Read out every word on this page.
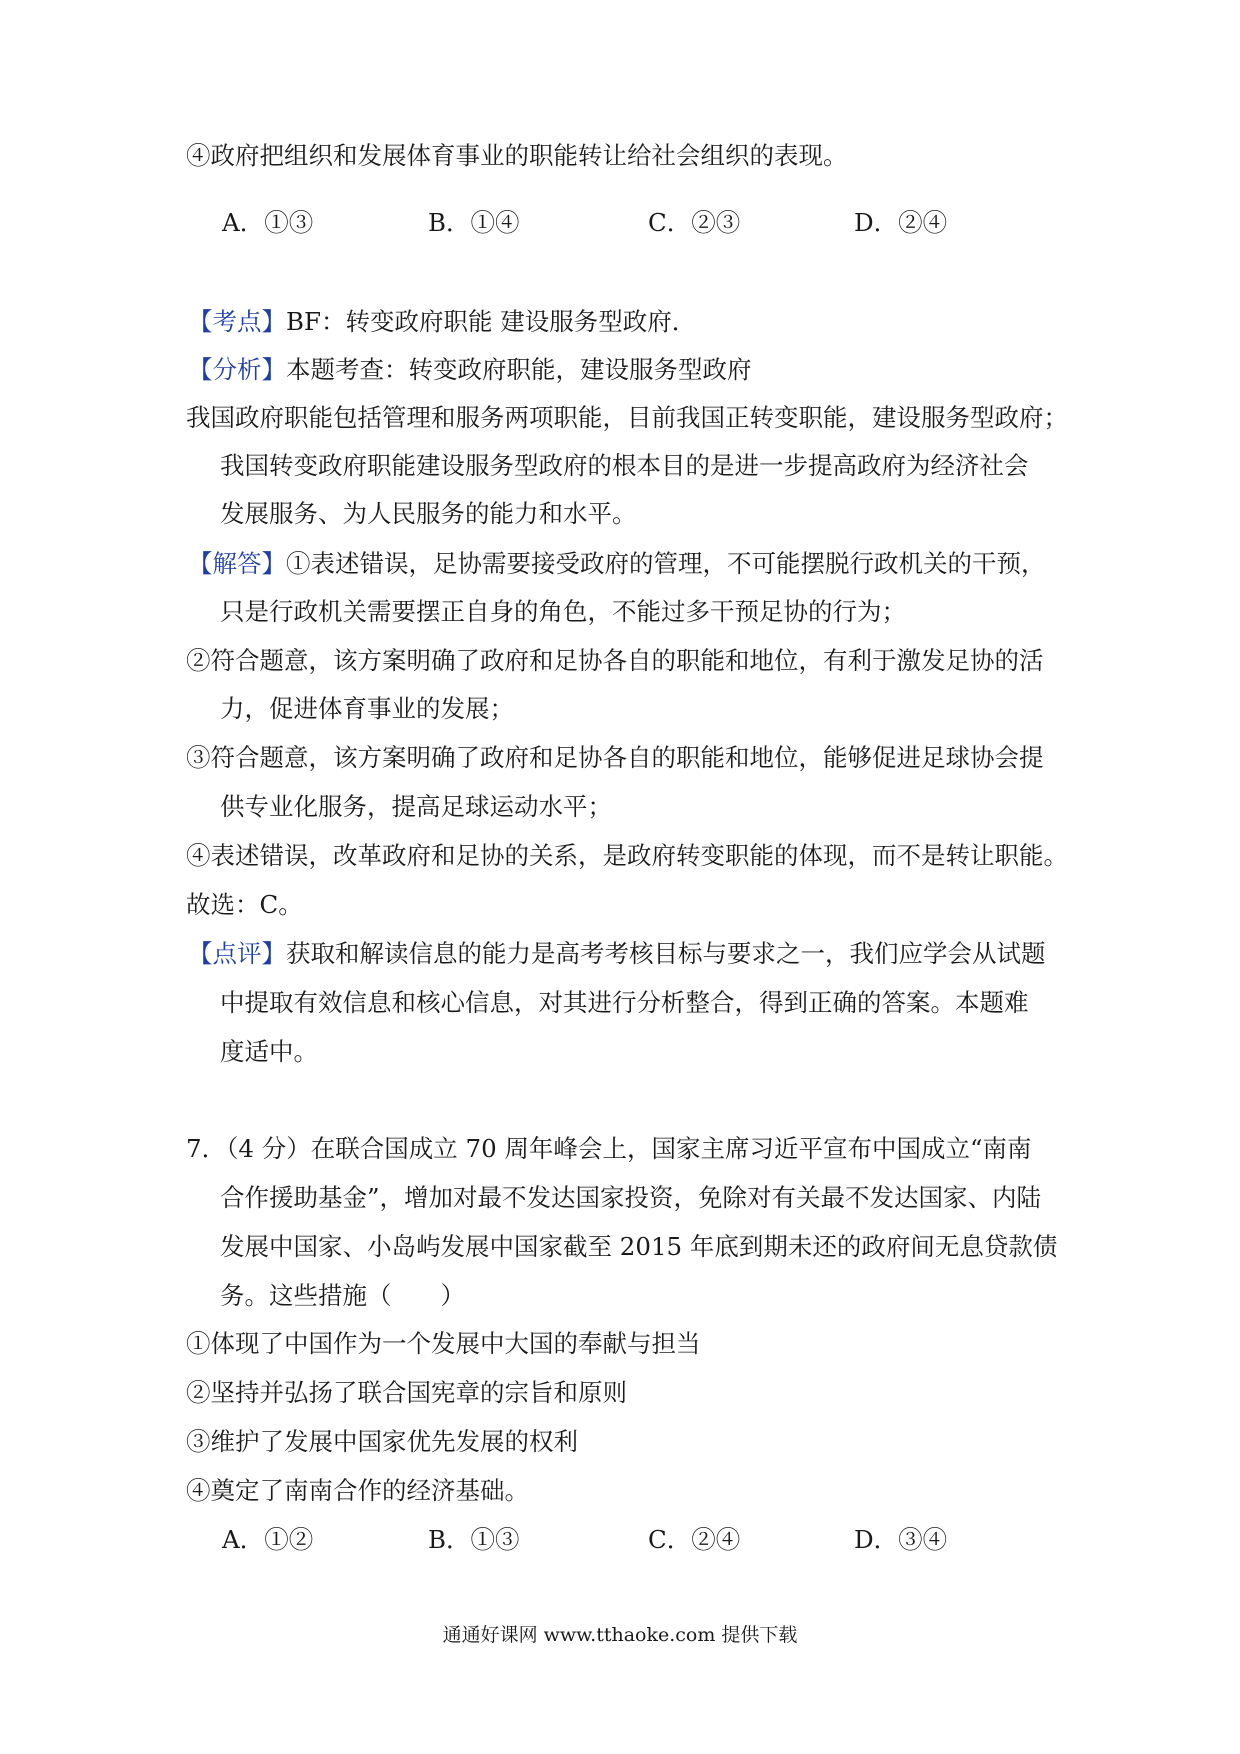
④政府把组织和发展体育事业的职能转让给社会组织的表现。
A．①③	B．①④	C．②③	D．②④
【考点】BF：转变政府职能 建设服务型政府．
【分析】本题考查：转变政府职能，建设服务型政府
我国政府职能包括管理和服务两项职能，目前我国正转变职能，建设服务型政府；
我国转变政府职能建设服务型政府的根本目的是进一步提高政府为经济社会
发展服务、为人民服务的能力和水平。
【解答】①表述错误，足协需要接受政府的管理，不可能摆脱行政机关的干预，
只是行政机关需要摆正自身的角色，不能过多干预足协的行为；
②符合题意，该方案明确了政府和足协各自的职能和地位，有利于激发足协的活
力，促进体育事业的发展；
③符合题意，该方案明确了政府和足协各自的职能和地位，能够促进足球协会提
供专业化服务，提高足球运动水平；
④表述错误，改革政府和足协的关系，是政府转变职能的体现，而不是转让职能。
故选：C。
【点评】获取和解读信息的能力是高考考核目标与要求之一，我们应学会从试题
中提取有效信息和核心信息，对其进行分析整合，得到正确的答案。本题难
度适中。
7．（4 分）在联合国成立 70 周年峰会上，国家主席习近平宣布中国成立“南南
合作援助基金”，增加对最不发达国家投资，免除对有关最不发达国家、内陆
发展中国家、小岛屿发展中国家截至 2015 年底到期未还的政府间无息贷款债
务。这些措施（　　）
①体现了中国作为一个发展中大国的奉献与担当
②坚持并弘扬了联合国宪章的宗旨和原则
③维护了发展中国家优先发展的权利
④奠定了南南合作的经济基础。
A．①②	B．①③	C．②④	D．③④
通通好课网 www.tthaoke.com 提供下载
